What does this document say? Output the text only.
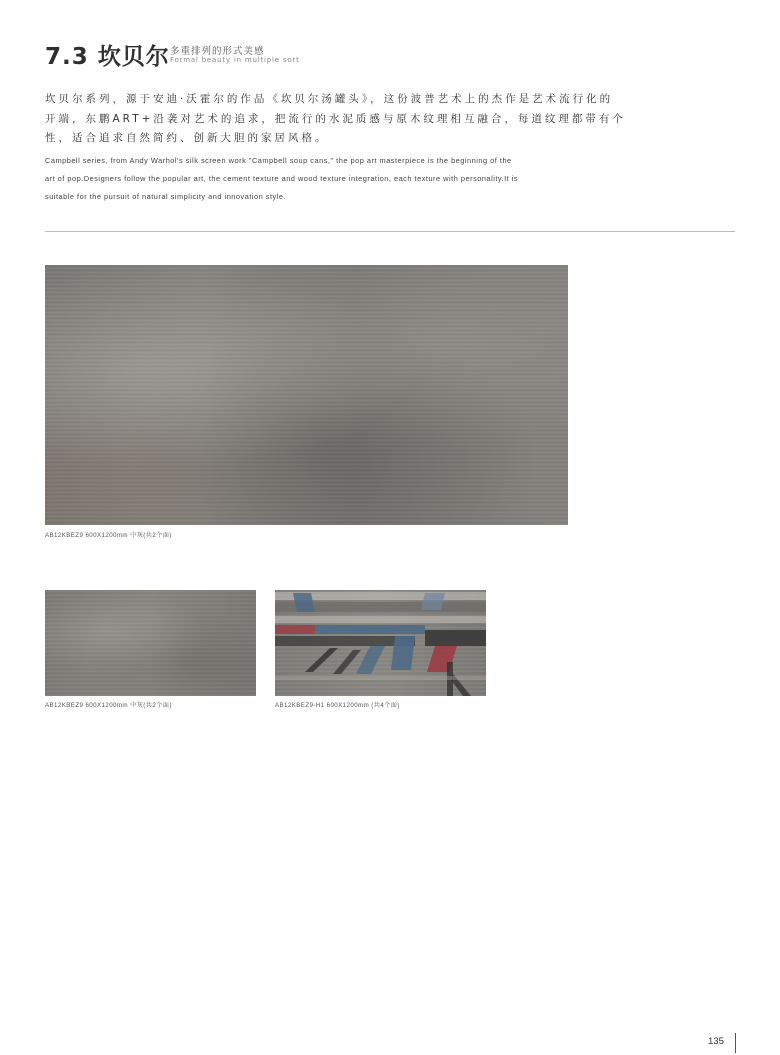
7.3 坎贝尔 多重排列的形式美感
Formal beauty in multiple sort
坎贝尔系列，源于安迪·沃霍尔的作品《坎贝尔汤罐头》，这份波普艺术上的杰作是艺术流行化的
开端，东鹏ART+沿袭对艺术的追求，把流行的水泥质感与原木纹理相互融合，每道纹理都带有个
性，适合追求自然简约、创新大胆的家居风格。
Campbell series, from Andy Warhol's silk screen work "Campbell soup cans," the pop art masterpiece is the beginning of the
art of pop.Designers follow the popular art, the cement texture and wood texture integration, each texture with personality.It is
suitable for the pursuit of natural simplicity and innovation style.
AB12KBEZ9 600X1200mm 中灰(共2个面)
AB12KBEZ9 600X1200mm 中灰(共2个面)	AB12KBEZ9-H1 600X1200mm (共4个面)
135
